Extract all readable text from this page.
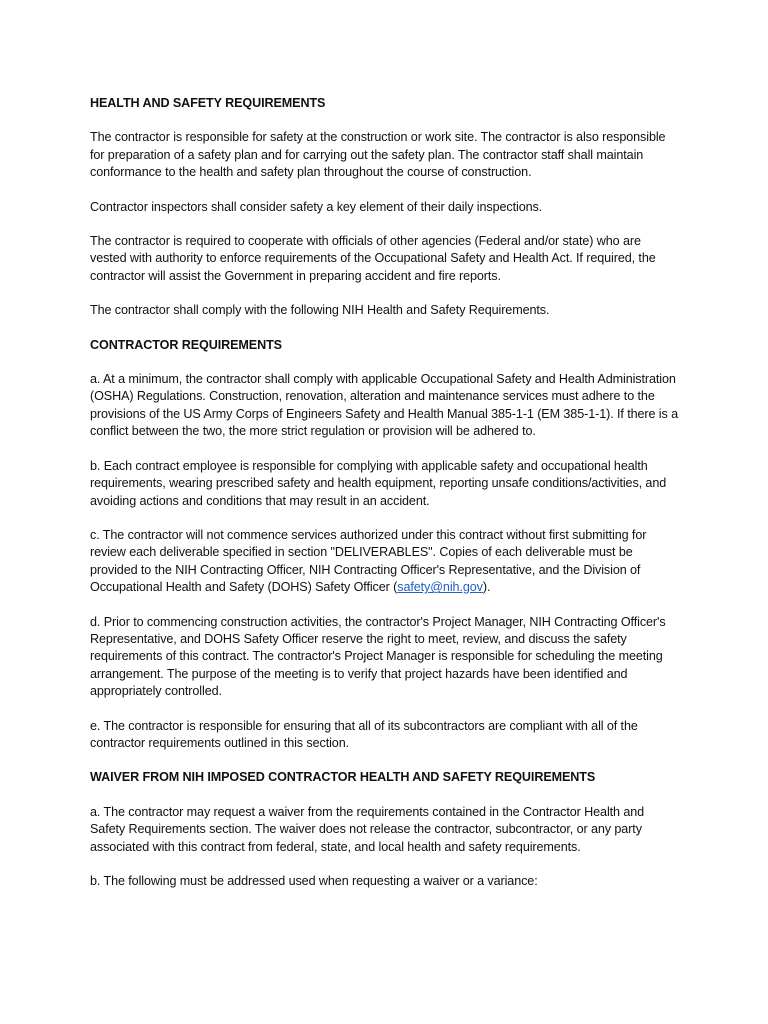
HEALTH AND SAFETY REQUIREMENTS
The contractor is responsible for safety at the construction or work site. The contractor is also responsible for preparation of a safety plan and for carrying out the safety plan. The contractor staff shall maintain conformance to the health and safety plan throughout the course of construction.
Contractor inspectors shall consider safety a key element of their daily inspections.
The contractor is required to cooperate with officials of other agencies (Federal and/or state) who are vested with authority to enforce requirements of the Occupational Safety and Health Act. If required, the contractor will assist the Government in preparing accident and fire reports.
The contractor shall comply with the following NIH Health and Safety Requirements.
CONTRACTOR REQUIREMENTS
a. At a minimum, the contractor shall comply with applicable Occupational Safety and Health Administration (OSHA) Regulations. Construction, renovation, alteration and maintenance services must adhere to the provisions of the US Army Corps of Engineers Safety and Health Manual 385-1-1 (EM 385-1-1). If there is a conflict between the two, the more strict regulation or provision will be adhered to.
b. Each contract employee is responsible for complying with applicable safety and occupational health requirements, wearing prescribed safety and health equipment, reporting unsafe conditions/activities, and avoiding actions and conditions that may result in an accident.
c. The contractor will not commence services authorized under this contract without first submitting for review each deliverable specified in section "DELIVERABLES". Copies of each deliverable must be provided to the NIH Contracting Officer, NIH Contracting Officer's Representative, and the Division of Occupational Health and Safety (DOHS) Safety Officer (safety@nih.gov).
d. Prior to commencing construction activities, the contractor's Project Manager, NIH Contracting Officer's Representative, and DOHS Safety Officer reserve the right to meet, review, and discuss the safety requirements of this contract. The contractor's Project Manager is responsible for scheduling the meeting arrangement. The purpose of the meeting is to verify that project hazards have been identified and appropriately controlled.
e. The contractor is responsible for ensuring that all of its subcontractors are compliant with all of the contractor requirements outlined in this section.
WAIVER FROM NIH IMPOSED CONTRACTOR HEALTH AND SAFETY REQUIREMENTS
a. The contractor may request a waiver from the requirements contained in the Contractor Health and Safety Requirements section. The waiver does not release the contractor, subcontractor, or any party associated with this contract from federal, state, and local health and safety requirements.
b. The following must be addressed used when requesting a waiver or a variance:
